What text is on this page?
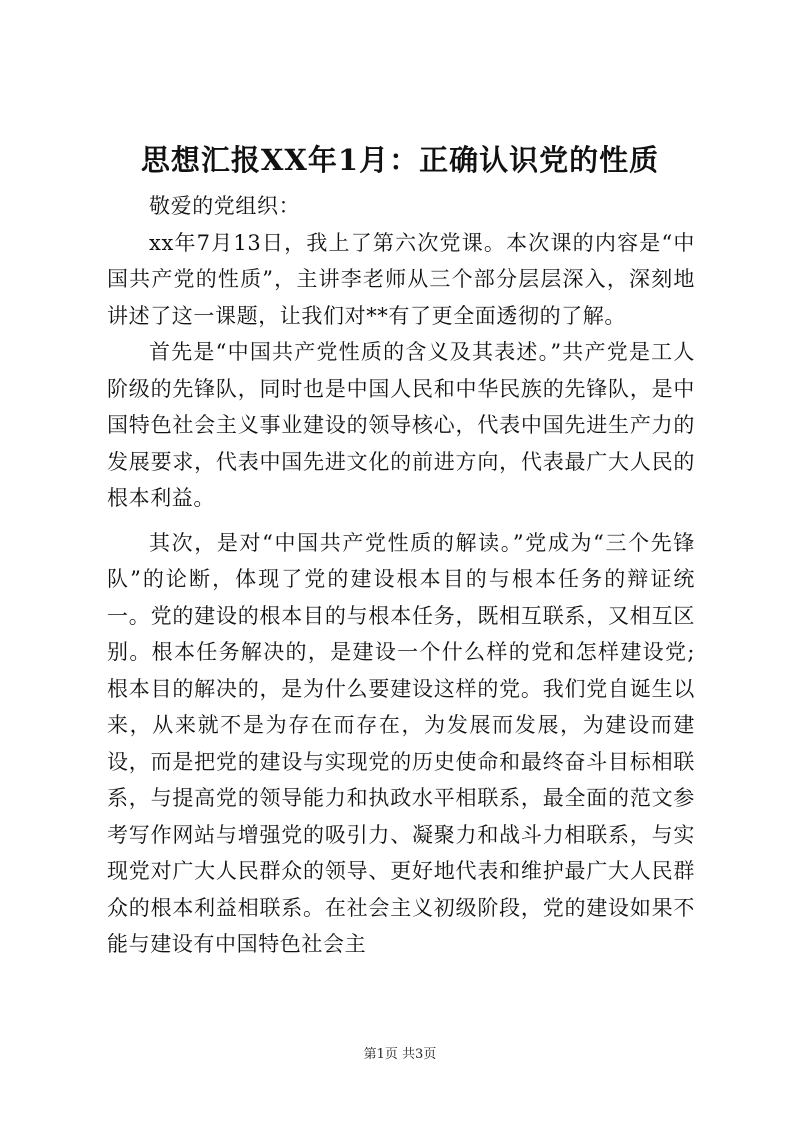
思想汇报XX年1月：正确认识党的性质

敬爱的党组织：

xx年7月13日，我上了第六次党课。本次课的内容是“中国共产党的性质”，主讲李老师从三个部分层层深入，深刻地讲述了这一课题，让我们对**有了更全面透彻的了解。

首先是“中国共产党性质的含义及其表述。”共产党是工人阶级的先锋队，同时也是中国人民和中华民族的先锋队，是中国特色社会主义事业建设的领导核心，代表中国先进生产力的发展要求，代表中国先进文化的前进方向，代表最广大人民的根本利益。

其次，是对“中国共产党性质的解读。”党成为“三个先锋队”的论断，体现了党的建设根本目的与根本任务的辩证统一。党的建设的根本目的与根本任务，既相互联系，又相互区别。根本任务解决的，是建设一个什么样的党和怎样建设党;根本目的解决的，是为什么要建设这样的党。我们党自诞生以来，从来就不是为存在而存在，为发展而发展，为建设而建设，而是把党的建设与实现党的历史使命和最终奋斗目标相联系，与提高党的领导能力和执政水平相联系，最全面的范文参考写作网站与增强党的吸引力、凝聚力和战斗力相联系，与实现党对广大人民群众的领导、更好地代表和维护最广大人民群众的根本利益相联系。在社会主义初级阶段，党的建设如果不能与建设有中国特色社会主

第1页 共3页
